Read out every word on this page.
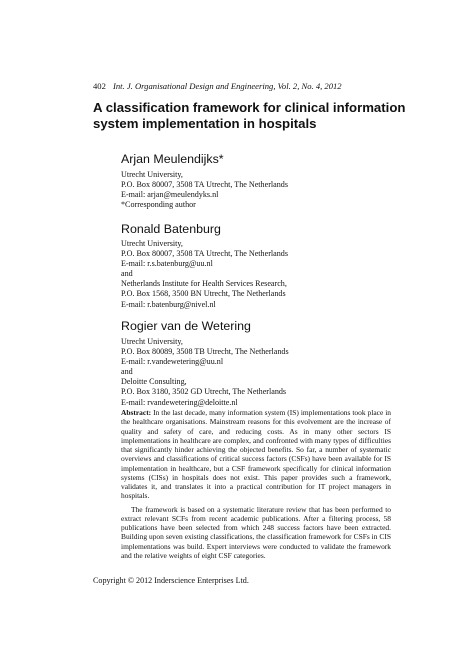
402 Int. J. Organisational Design and Engineering, Vol. 2, No. 4, 2012
A classification framework for clinical information
system implementation in hospitals
Arjan Meulendijks*
Utrecht University,
P.O. Box 80007, 3508 TA Utrecht, The Netherlands
E-mail: arjan@meulendyks.nl
*Corresponding author
Ronald Batenburg
Utrecht University,
P.O. Box 80007, 3508 TA Utrecht, The Netherlands
E-mail: r.s.batenburg@uu.nl
and
Netherlands Institute for Health Services Research,
P.O. Box 1568, 3500 BN Utrecht, The Netherlands
E-mail: r.batenburg@nivel.nl
Rogier van de Wetering
Utrecht University,
P.O. Box 80089, 3508 TB Utrecht, The Netherlands
E-mail: r.vandewetering@uu.nl
and
Deloitte Consulting,
P.O. Box 3180, 3502 GD Utrecht, The Netherlands
E-mail: rvandewetering@deloitte.nl

Abstract: In the last decade, many information system (IS) implementations took place in the healthcare organisations. Mainstream reasons for this evolvement are the increase of quality and safety of care, and reducing costs. As in many other sectors IS implementations in healthcare are complex, and confronted with many types of difficulties that significantly hinder achieving the objected benefits. So far, a number of systematic overviews and classifications of critical success factors (CSFs) have been available for IS implementation in healthcare, but a CSF framework specifically for clinical information systems (CISs) in hospitals does not exist. This paper provides such a framework, validates it, and translates it into a practical contribution for IT project managers in hospitals.

The framework is based on a systematic literature review that has been performed to extract relevant SCFs from recent academic publications. After a filtering process, 58 publications have been selected from which 248 success factors have been extracted. Building upon seven existing classifications, the classification framework for CSFs in CIS implementations was build. Expert interviews were conducted to validate the framework and the relative weights of eight CSF categories.

Copyright © 2012 Inderscience Enterprises Ltd.
